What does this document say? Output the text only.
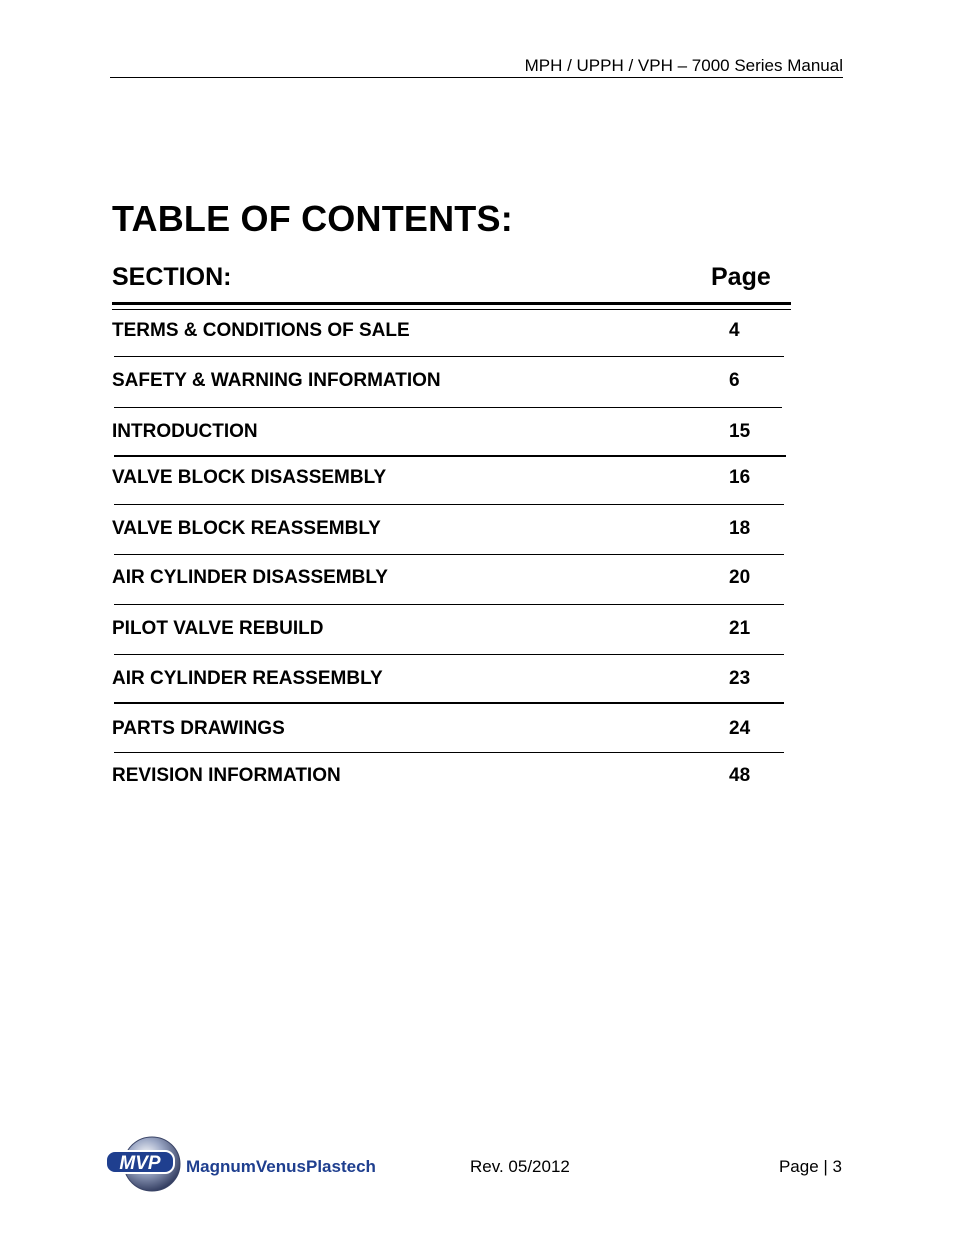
MPH / UPPH / VPH – 7000 Series Manual
TABLE OF CONTENTS:
SECTION:	Page
TERMS & CONDITIONS OF SALE	4
SAFETY & WARNING INFORMATION	6
INTRODUCTION	15
VALVE BLOCK DISASSEMBLY	16
VALVE BLOCK REASSEMBLY	18
AIR CYLINDER DISASSEMBLY	20
PILOT VALVE REBUILD	21
AIR CYLINDER REASSEMBLY	23
PARTS DRAWINGS	24
REVISION INFORMATION	48
MVP MagnumVenusPlastech	Rev. 05/2012	Page | 3
